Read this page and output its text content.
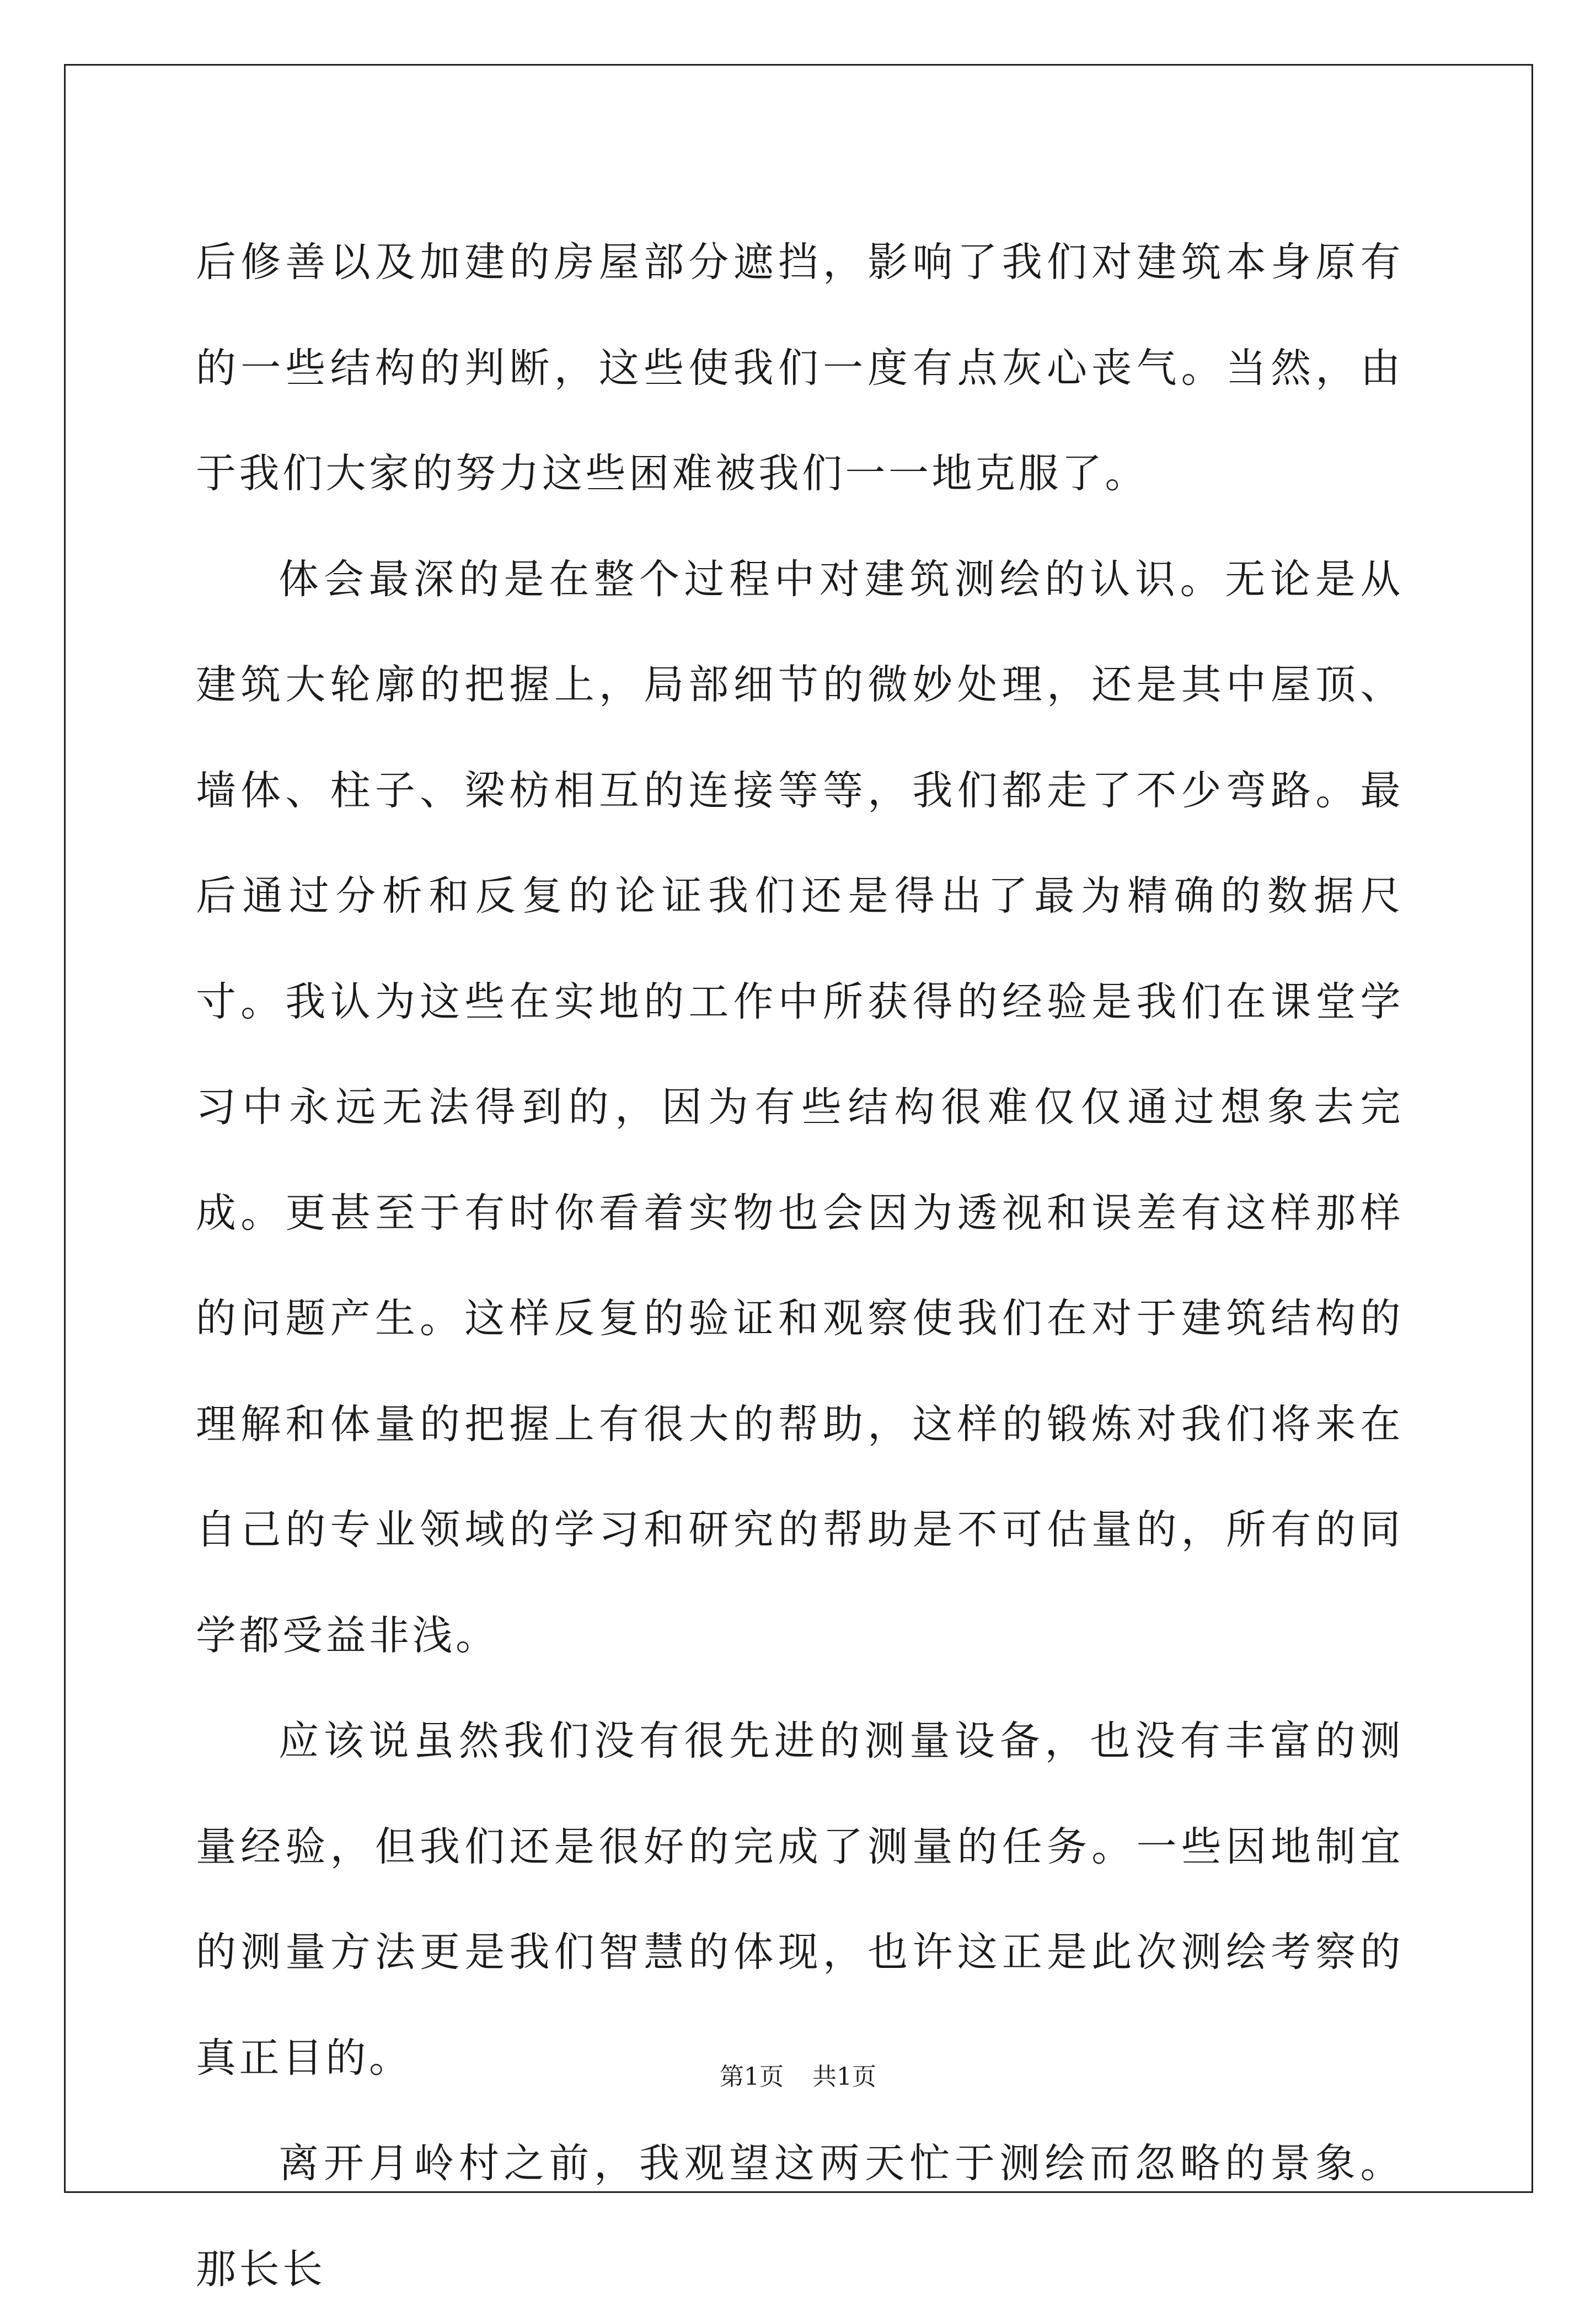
后修善以及加建的房屋部分遮挡，影响了我们对建筑本身原有的一些结构的判断，这些使我们一度有点灰心丧气。当然，由于我们大家的努力这些困难被我们一一地克服了。

体会最深的是在整个过程中对建筑测绘的认识。无论是从建筑大轮廓的把握上，局部细节的微妙处理，还是其中屋顶、墙体、柱子、梁枋相互的连接等等，我们都走了不少弯路。最后通过分析和反复的论证我们还是得出了最为精确的数据尺寸。我认为这些在实地的工作中所获得的经验是我们在课堂学习中永远无法得到的，因为有些结构很难仅仅通过想象去完成。更甚至于有时你看着实物也会因为透视和误差有这样那样的问题产生。这样反复的验证和观察使我们在对于建筑结构的理解和体量的把握上有很大的帮助，这样的锻炼对我们将来在自己的专业领域的学习和研究的帮助是不可估量的，所有的同学都受益非浅。

应该说虽然我们没有很先进的测量设备，也没有丰富的测量经验，但我们还是很好的完成了测量的任务。一些因地制宜的测量方法更是我们智慧的体现，也许这正是此次测绘考察的真正目的。

离开月岭村之前，我观望这两天忙于测绘而忽略的景象。那长长

第1页 共1页
